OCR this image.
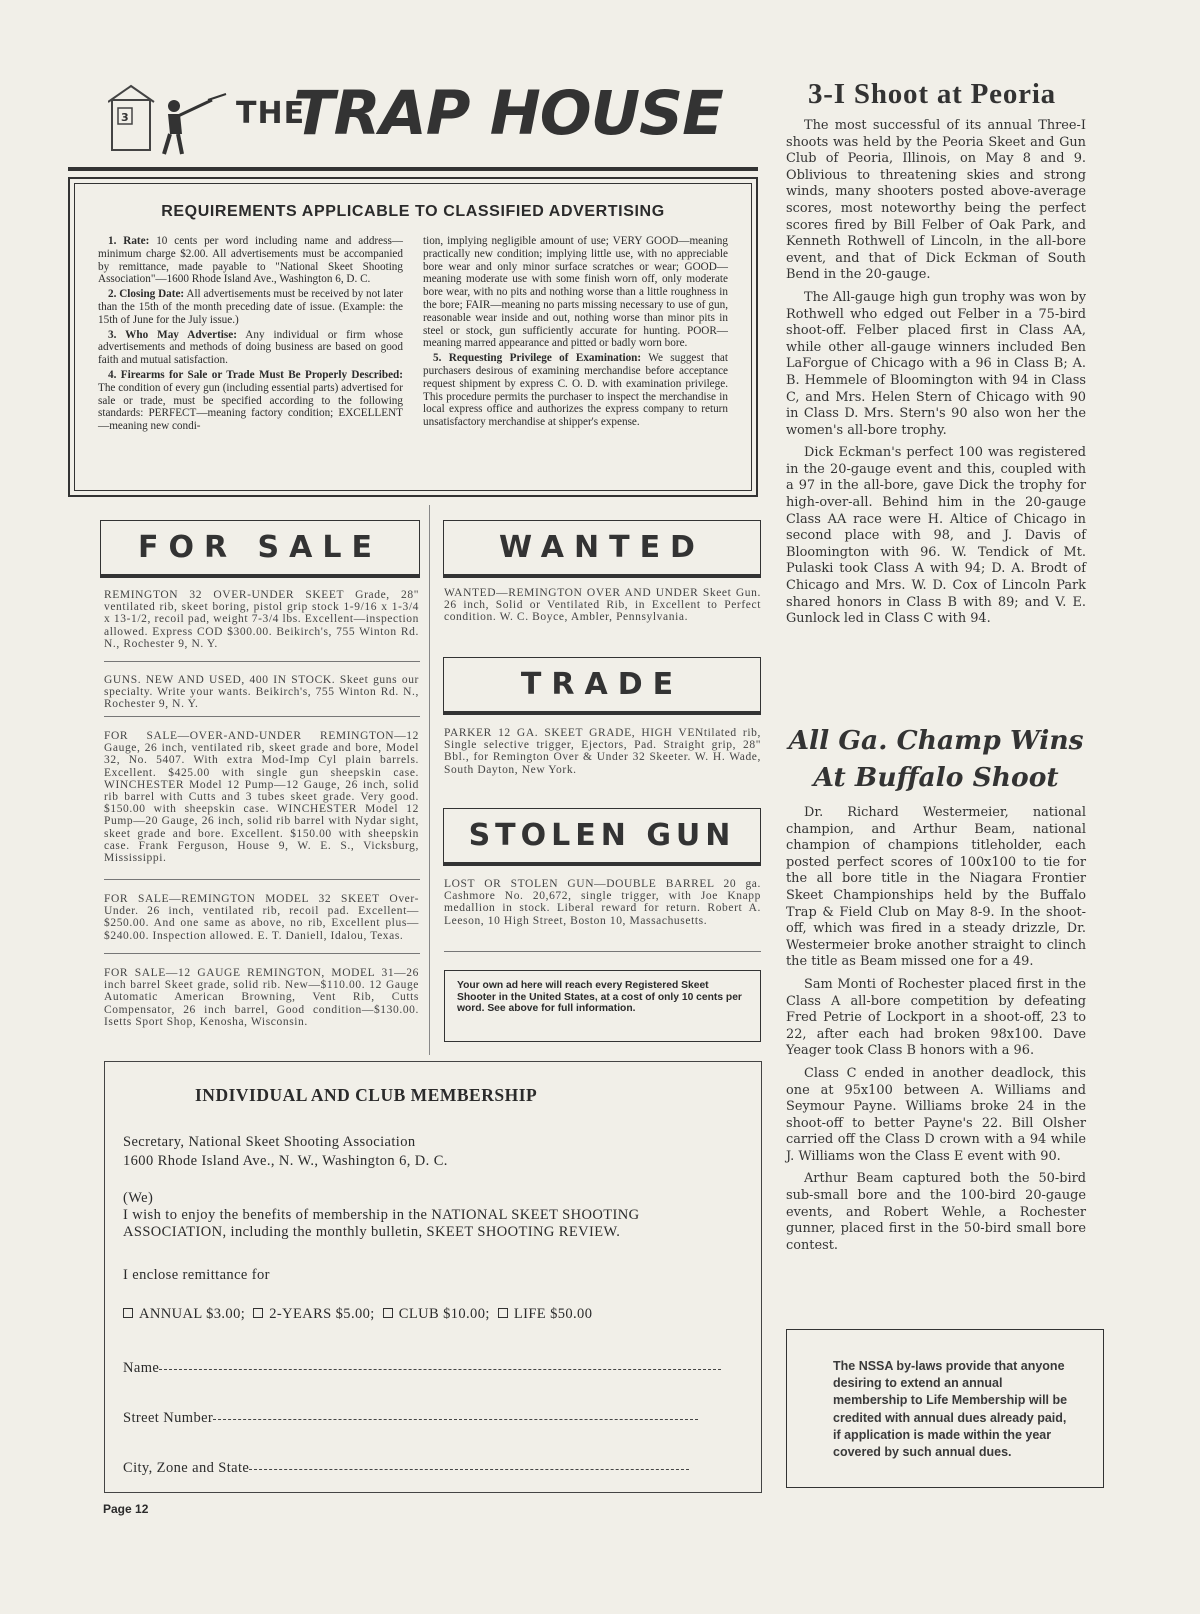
3	THE
TRAP HOUSE
REQUIREMENTS APPLICABLE TO CLASSIFIED ADVERTISING

1. Rate: 10 cents per word including name and address—minimum charge $2.00. All advertisements must be accompanied by remittance, made payable to "National Skeet Shooting Association"—1600 Rhode Island Ave., Washington 6, D. C.

2. Closing Date: All advertisements must be received by not later than the 15th of the month preceding date of issue. (Example: the 15th of June for the July issue.)

3. Who May Advertise: Any individual or firm whose advertisements and methods of doing business are based on good faith and mutual satisfaction.

4. Firearms for Sale or Trade Must Be Properly Described: The condition of every gun (including essential parts) advertised for sale or trade, must be specified according to the following standards: PERFECT—meaning factory condition; EXCELLENT—meaning new condi-

tion, implying negligible amount of use; VERY GOOD—meaning practically new condition; implying little use, with no appreciable bore wear and only minor surface scratches or wear; GOOD—meaning moderate use with some finish worn off, only moderate bore wear, with no pits and nothing worse than a little roughness in the bore; FAIR—meaning no parts missing necessary to use of gun, reasonable wear inside and out, nothing worse than minor pits in steel or stock, gun sufficiently accurate for hunting. POOR—meaning marred appearance and pitted or badly worn bore.

5. Requesting Privilege of Examination: We suggest that purchasers desirous of examining merchandise before acceptance request shipment by express C. O. D. with examination privilege. This procedure permits the purchaser to inspect the merchandise in local express office and authorizes the express company to return unsatisfactory merchandise at shipper's expense.

FOR SALE
REMINGTON 32 OVER-UNDER SKEET Grade, 28" ventilated rib, skeet boring, pistol grip stock 1-9/16 x 1-3/4 x 13-1/2, recoil pad, weight 7-3/4 lbs. Excellent—inspection allowed. Express COD $300.00. Beikirch's, 755 Winton Rd. N., Rochester 9, N. Y.
GUNS. NEW AND USED, 400 IN STOCK. Skeet guns our specialty. Write your wants. Beikirch's, 755 Winton Rd. N., Rochester 9, N. Y.
FOR SALE—OVER-AND-UNDER REMINGTON—12 Gauge, 26 inch, ventilated rib, skeet grade and bore, Model 32, No. 5407. With extra Mod-Imp Cyl plain barrels. Excellent. $425.00 with single gun sheepskin case. WINCHESTER Model 12 Pump—12 Gauge, 26 inch, solid rib barrel with Cutts and 3 tubes skeet grade. Very good. $150.00 with sheepskin case. WINCHESTER Model 12 Pump—20 Gauge, 26 inch, solid rib barrel with Nydar sight, skeet grade and bore. Excellent. $150.00 with sheepskin case. Frank Ferguson, House 9, W. E. S., Vicksburg, Mississippi.
FOR SALE—REMINGTON MODEL 32 SKEET Over-Under. 26 inch, ventilated rib, recoil pad. Excellent—$250.00. And one same as above, no rib, Excellent plus—$240.00. Inspection allowed. E. T. Daniell, Idalou, Texas.
FOR SALE—12 GAUGE REMINGTON, MODEL 31—26 inch barrel Skeet grade, solid rib. New—$110.00. 12 Gauge Automatic American Browning, Vent Rib, Cutts Compensator, 26 inch barrel, Good condition—$130.00. Isetts Sport Shop, Kenosha, Wisconsin.
WANTED
WANTED—REMINGTON OVER AND UNDER Skeet Gun. 26 inch, Solid or Ventilated Rib, in Excellent to Perfect condition. W. C. Boyce, Ambler, Pennsylvania.
TRADE
PARKER 12 GA. SKEET GRADE, HIGH VENtilated rib, Single selective trigger, Ejectors, Pad. Straight grip, 28" Bbl., for Remington Over & Under 32 Skeeter. W. H. Wade, South Dayton, New York.
STOLEN GUN
LOST OR STOLEN GUN—DOUBLE BARREL 20 ga. Cashmore No. 20,672, single trigger, with Joe Knapp medallion in stock. Liberal reward for return. Robert A. Leeson, 10 High Street, Boston 10, Massachusetts.
Your own ad here will reach every Registered Skeet Shooter in the United States, at a cost of only 10 cents per word. See above for full information.
INDIVIDUAL AND CLUB MEMBERSHIP
Secretary, National Skeet Shooting Association
1600 Rhode Island Ave., N. W., Washington 6, D. C.
(We)
I wish to enjoy the benefits of membership in the NATIONAL SKEET SHOOTING ASSOCIATION, including the monthly bulletin, SKEET SHOOTING REVIEW.
I enclose remittance for
ANNUAL $3.00; 2-YEARS $5.00; CLUB $10.00; LIFE $50.00
Name
Street Number
City, Zone and State
Page 12
3-I Shoot at Peoria

The most successful of its annual Three-I shoots was held by the Peoria Skeet and Gun Club of Peoria, Illinois, on May 8 and 9. Oblivious to threatening skies and strong winds, many shooters posted above-average scores, most noteworthy being the perfect scores fired by Bill Felber of Oak Park, and Kenneth Rothwell of Lincoln, in the all-bore event, and that of Dick Eckman of South Bend in the 20-gauge.

The All-gauge high gun trophy was won by Rothwell who edged out Felber in a 75-bird shoot-off. Felber placed first in Class AA, while other all-gauge winners included Ben LaForgue of Chicago with a 96 in Class B; A. B. Hemmele of Bloomington with 94 in Class C, and Mrs. Helen Stern of Chicago with 90 in Class D. Mrs. Stern's 90 also won her the women's all-bore trophy.

Dick Eckman's perfect 100 was registered in the 20-gauge event and this, coupled with a 97 in the all-bore, gave Dick the trophy for high-over-all. Behind him in the 20-gauge Class AA race were H. Altice of Chicago in second place with 98, and J. Davis of Bloomington with 96. W. Tendick of Mt. Pulaski took Class A with 94; D. A. Brodt of Chicago and Mrs. W. D. Cox of Lincoln Park shared honors in Class B with 89; and V. E. Gunlock led in Class C with 94.

All Ga. Champ Wins
At Buffalo Shoot

Dr. Richard Westermeier, national champion, and Arthur Beam, national champion of champions titleholder, each posted perfect scores of 100x100 to tie for the all bore title in the Niagara Frontier Skeet Championships held by the Buffalo Trap & Field Club on May 8-9. In the shoot-off, which was fired in a steady drizzle, Dr. Westermeier broke another straight to clinch the title as Beam missed one for a 49.

Sam Monti of Rochester placed first in the Class A all-bore competition by defeating Fred Petrie of Lockport in a shoot-off, 23 to 22, after each had broken 98x100. Dave Yeager took Class B honors with a 96.

Class C ended in another deadlock, this one at 95x100 between A. Williams and Seymour Payne. Williams broke 24 in the shoot-off to better Payne's 22. Bill Olsher carried off the Class D crown with a 94 while J. Williams won the Class E event with 90.

Arthur Beam captured both the 50-bird sub-small bore and the 100-bird 20-gauge events, and Robert Wehle, a Rochester gunner, placed first in the 50-bird small bore contest.

The NSSA by-laws provide that anyone desiring to extend an annual membership to Life Membership will be credited with annual dues already paid, if application is made within the year covered by such annual dues.
